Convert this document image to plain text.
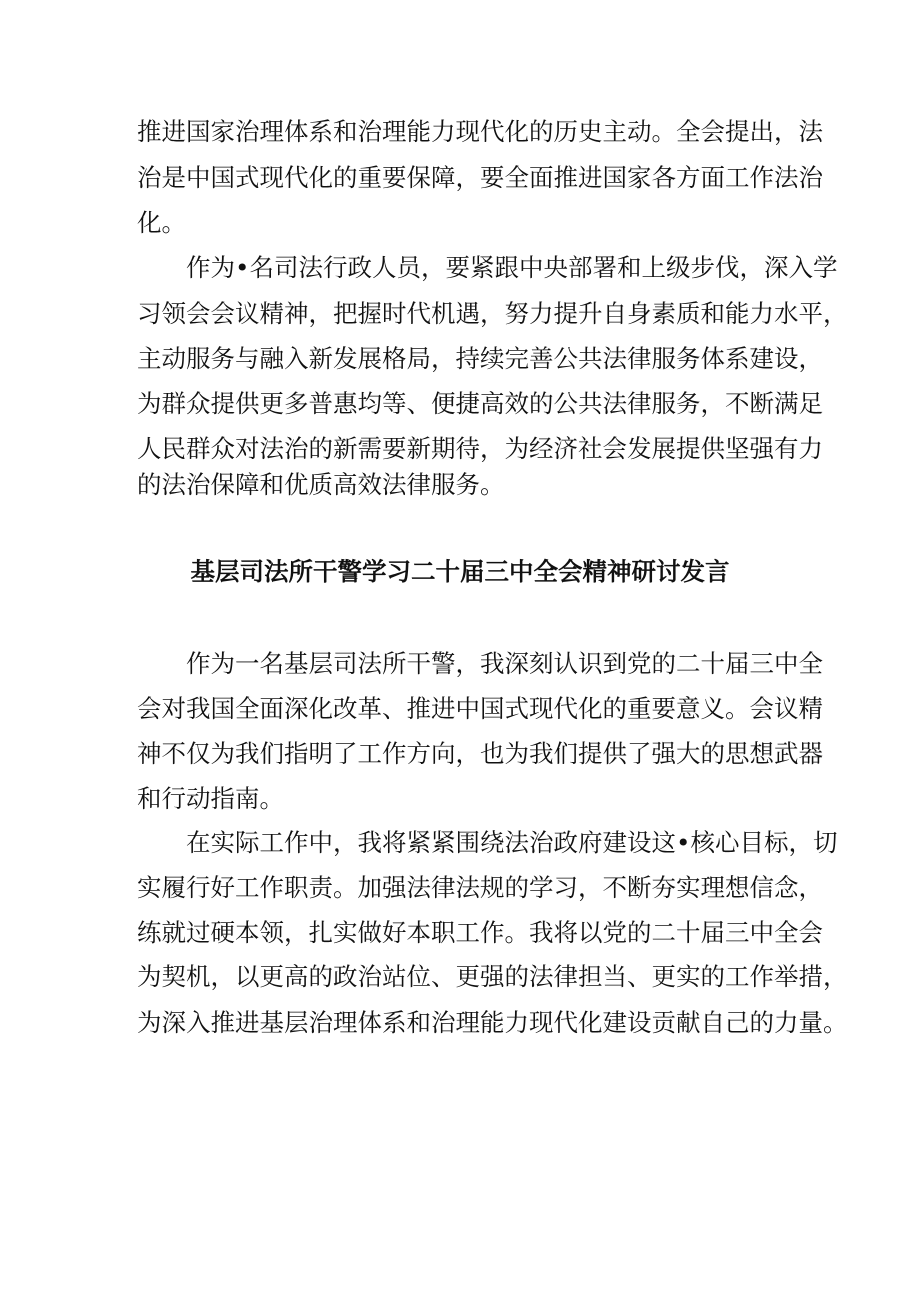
推进国家治理体系和治理能力现代化的历史主动。全会提出，法
治是中国式现代化的重要保障，要全面推进国家各方面工作法治
化。
作为•名司法行政人员，要紧跟中央部署和上级步伐，深入学
习领会会议精神，把握时代机遇，努力提升自身素质和能力水平，
主动服务与融入新发展格局，持续完善公共法律服务体系建设，
为群众提供更多普惠均等、便捷高效的公共法律服务，不断满足
人民群众对法治的新需要新期待，为经济社会发展提供坚强有力
的法治保障和优质高效法律服务。
基层司法所干警学习二十届三中全会精神研讨发言
作为一名基层司法所干警，我深刻认识到党的二十届三中全
会对我国全面深化改革、推进中国式现代化的重要意义。会议精
神不仅为我们指明了工作方向，也为我们提供了强大的思想武器
和行动指南。
在实际工作中，我将紧紧围绕法治政府建设这•核心目标，切
实履行好工作职责。加强法律法规的学习，不断夯实理想信念，
练就过硬本领，扎实做好本职工作。我将以党的二十届三中全会
为契机，以更高的政治站位、更强的法律担当、更实的工作举措，
为深入推进基层治理体系和治理能力现代化建设贡献自己的力量。
